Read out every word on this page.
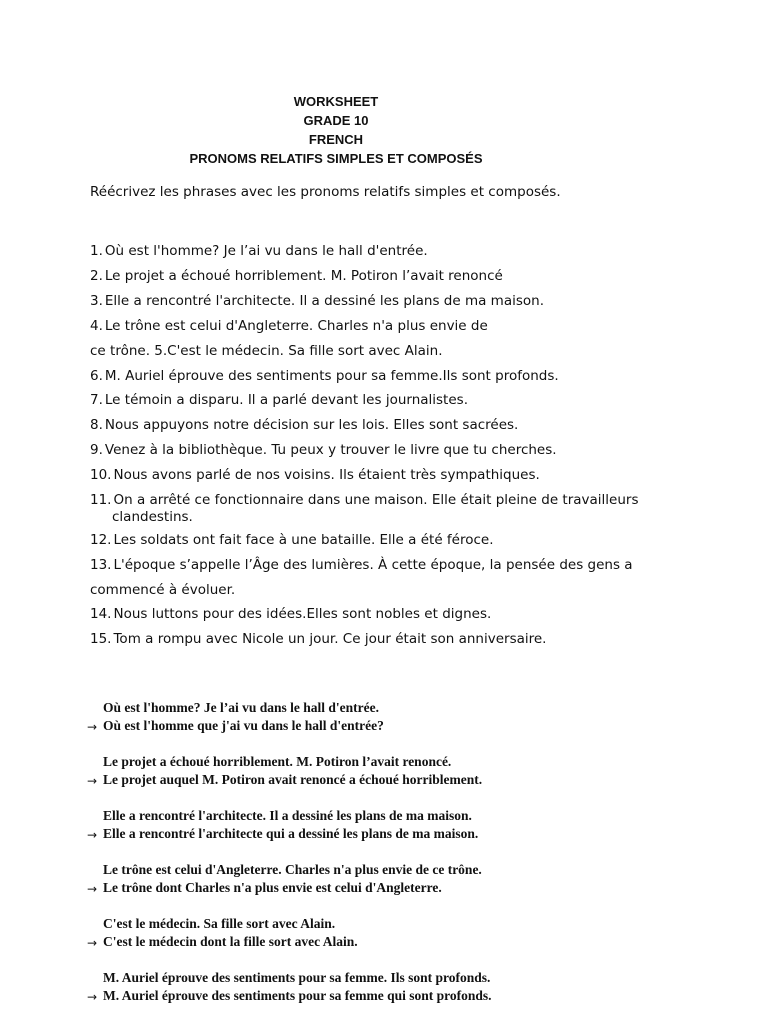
WORKSHEET
GRADE 10
FRENCH
PRONOMS RELATIFS SIMPLES ET COMPOSÉS
Réécrivez les phrases avec les pronoms relatifs simples et composés.
1. Où est l'homme? Je l’ai vu dans le hall d'entrée.
2. Le projet a échoué horriblement. M. Potiron l’avait renoncé
3. Elle a rencontré l'architecte. Il a dessiné les plans de ma maison.
4. Le trône est celui d'Angleterre. Charles n'a plus envie de
ce trône. 5.C'est le médecin. Sa fille sort avec Alain.
6. M. Auriel éprouve des sentiments pour sa femme.Ils sont profonds.
7. Le témoin a disparu. Il a parlé devant les journalistes.
8. Nous appuyons notre décision sur les lois. Elles sont sacrées.
9. Venez à la bibliothèque. Tu peux y trouver le livre que tu cherches.
10. Nous avons parlé de nos voisins. Ils étaient très sympathiques.
11. On a arrêté ce fonctionnaire dans une maison. Elle était pleine de travailleurs
clandestins.
12. Les soldats ont fait face à une bataille. Elle a été féroce.
13. L'époque s’appelle l’Âge des lumières. À cette époque, la pensée des gens a
commencé à évoluer.
14. Nous luttons pour des idées.Elles sont nobles et dignes.
15. Tom a rompu avec Nicole un jour. Ce jour était son anniversaire.
Où est l'homme? Je l’ai vu dans le hall d'entrée.
→ Où est l'homme que j'ai vu dans le hall d'entrée?
Le projet a échoué horriblement. M. Potiron l’avait renoncé.
→ Le projet auquel M. Potiron avait renoncé a échoué horriblement.
Elle a rencontré l'architecte. Il a dessiné les plans de ma maison.
→ Elle a rencontré l'architecte qui a dessiné les plans de ma maison.
Le trône est celui d'Angleterre. Charles n'a plus envie de ce trône.
→ Le trône dont Charles n'a plus envie est celui d'Angleterre.
C'est le médecin. Sa fille sort avec Alain.
→ C'est le médecin dont la fille sort avec Alain.
M. Auriel éprouve des sentiments pour sa femme. Ils sont profonds.
→ M. Auriel éprouve des sentiments pour sa femme qui sont profonds.
